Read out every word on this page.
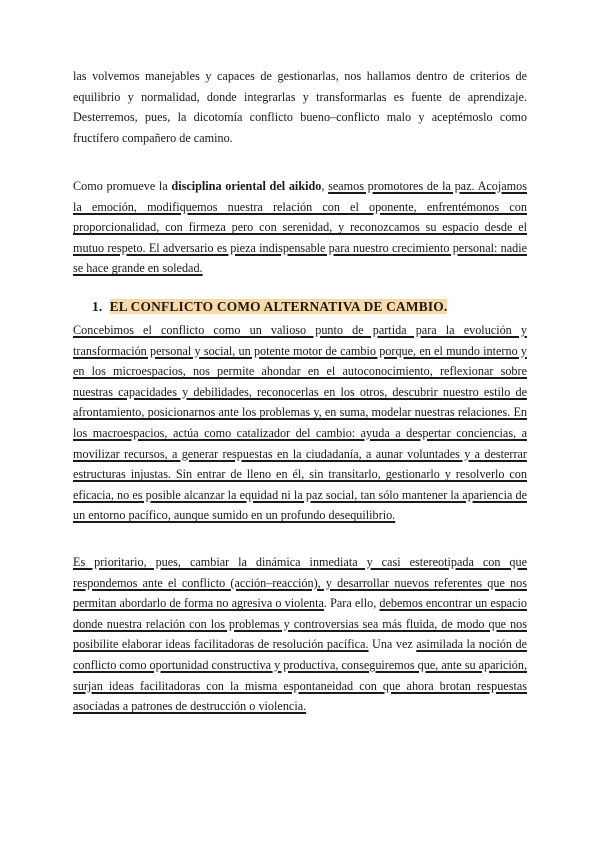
las volvemos manejables y capaces de gestionarlas, nos hallamos dentro de criterios de equilibrio y normalidad, donde integrarlas y transformarlas es fuente de aprendizaje. Desterremos, pues, la dicotomía conflicto bueno–conflicto malo y aceptémoslo como fructífero compañero de camino.

Como promueve la disciplina oriental del aikido, seamos promotores de la paz. Acojamos la emoción, modifiquemos nuestra relación con el oponente, enfrentémonos con proporcionalidad, con firmeza pero con serenidad, y reconozcamos su espacio desde el mutuo respeto. El adversario es pieza indispensable para nuestro crecimiento personal: nadie se hace grande en soledad.

1. EL CONFLICTO COMO ALTERNATIVA DE CAMBIO.

Concebimos el conflicto como un valioso punto de partida para la evolución y transformación personal y social, un potente motor de cambio porque, en el mundo interno y en los microespacios, nos permite ahondar en el autoconocimiento, reflexionar sobre nuestras capacidades y debilidades, reconocerlas en los otros, descubrir nuestro estilo de afrontamiento, posicionarnos ante los problemas y, en suma, modelar nuestras relaciones. En los macroespacios, actúa como catalizador del cambio: ayuda a despertar conciencias, a movilizar recursos, a generar respuestas en la ciudadanía, a aunar voluntades y a desterrar estructuras injustas. Sin entrar de lleno en él, sin transitarlo, gestionarlo y resolverlo con eficacia, no es posible alcanzar la equidad ni la paz social, tan sólo mantener la apariencia de un entorno pacífico, aunque sumido en un profundo desequilibrio.

Es prioritario, pues, cambiar la dinámica inmediata y casi estereotipada con que respondemos ante el conflicto (acción–reacción), y desarrollar nuevos referentes que nos permitan abordarlo de forma no agresiva o violenta. Para ello, debemos encontrar un espacio donde nuestra relación con los problemas y controversias sea más fluida, de modo que nos posibilite elaborar ideas facilitadoras de resolución pacífica. Una vez asimilada la noción de conflicto como oportunidad constructiva y productiva, conseguiremos que, ante su aparición, surjan ideas facilitadoras con la misma espontaneidad con que ahora brotan respuestas asociadas a patrones de destrucción o violencia.
